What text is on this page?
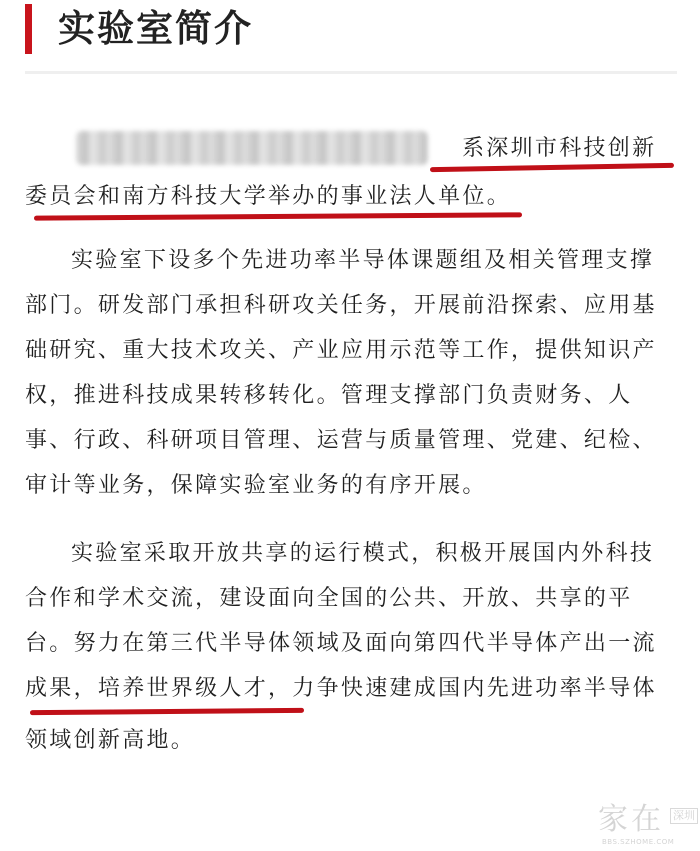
实验室简介
系深圳市科技创新
委员会和南方科技大学举办的事业法人单位。
实验室下设多个先进功率半导体课题组及相关管理支撑
部门。研发部门承担科研攻关任务，开展前沿探索、应用基
础研究、重大技术攻关、产业应用示范等工作，提供知识产
权，推进科技成果转移转化。管理支撑部门负责财务、人
事、行政、科研项目管理、运营与质量管理、党建、纪检、
审计等业务，保障实验室业务的有序开展。
实验室采取开放共享的运行模式，积极开展国内外科技
合作和学术交流，建设面向全国的公共、开放、共享的平
台。努力在第三代半导体领域及面向第四代半导体产出一流
成果，培养世界级人才，力争快速建成国内先进功率半导体
领域创新高地。
家在 深圳
BBS.SZHOME.COM
